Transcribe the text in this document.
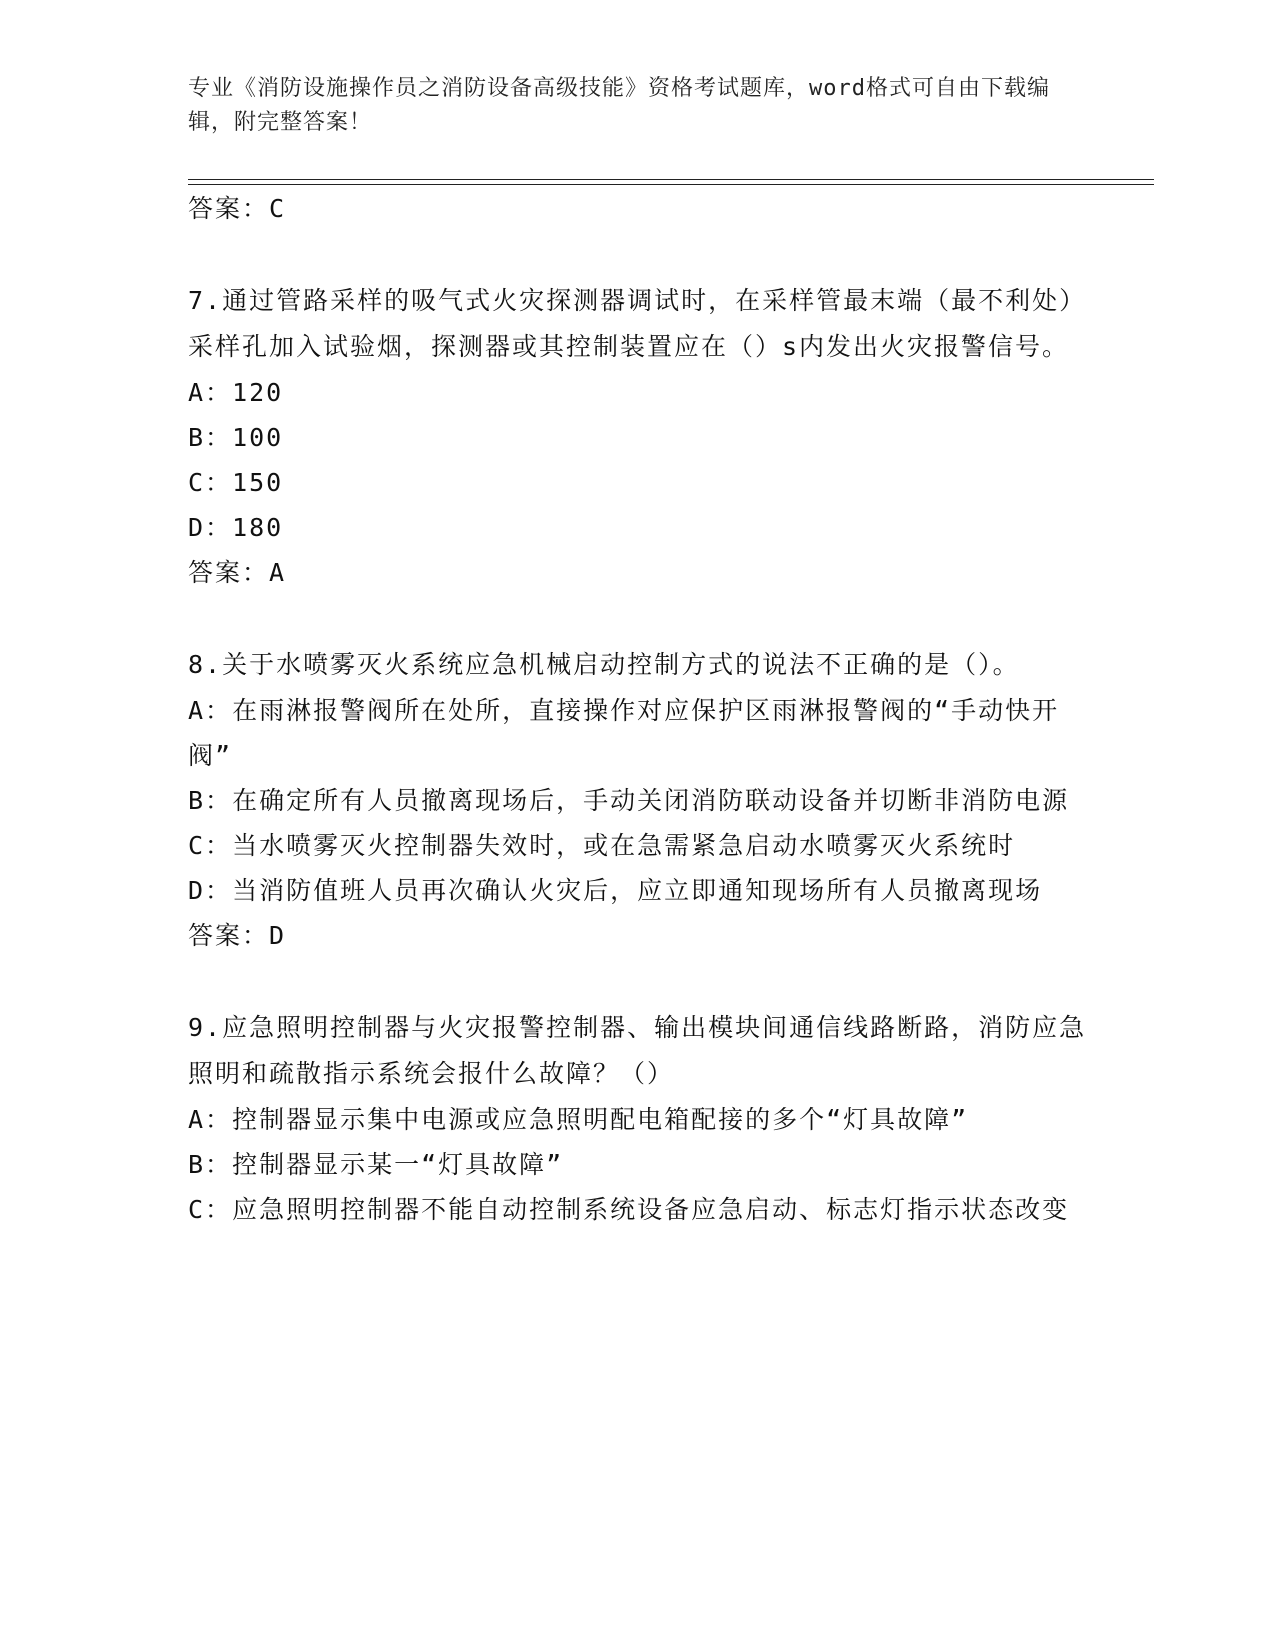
专业《消防设施操作员之消防设备高级技能》资格考试题库，word格式可自由下载编辑，附完整答案！

答案：C

7.通过管路采样的吸气式火灾探测器调试时，在采样管最末端（最不利处）采样孔加入试验烟，探测器或其控制装置应在（）s内发出火灾报警信号。

A：120

B：100

C：150

D：180

答案：A

8.关于水喷雾灭火系统应急机械启动控制方式的说法不正确的是（）。

A：在雨淋报警阀所在处所，直接操作对应保护区雨淋报警阀的“手动快开阀”

B：在确定所有人员撤离现场后，手动关闭消防联动设备并切断非消防电源

C：当水喷雾灭火控制器失效时，或在急需紧急启动水喷雾灭火系统时

D：当消防值班人员再次确认火灾后，应立即通知现场所有人员撤离现场

答案：D

9.应急照明控制器与火灾报警控制器、输出模块间通信线路断路，消防应急照明和疏散指示系统会报什么故障？（）

A：控制器显示集中电源或应急照明配电箱配接的多个“灯具故障”

B：控制器显示某一“灯具故障”

C：应急照明控制器不能自动控制系统设备应急启动、标志灯指示状态改变
